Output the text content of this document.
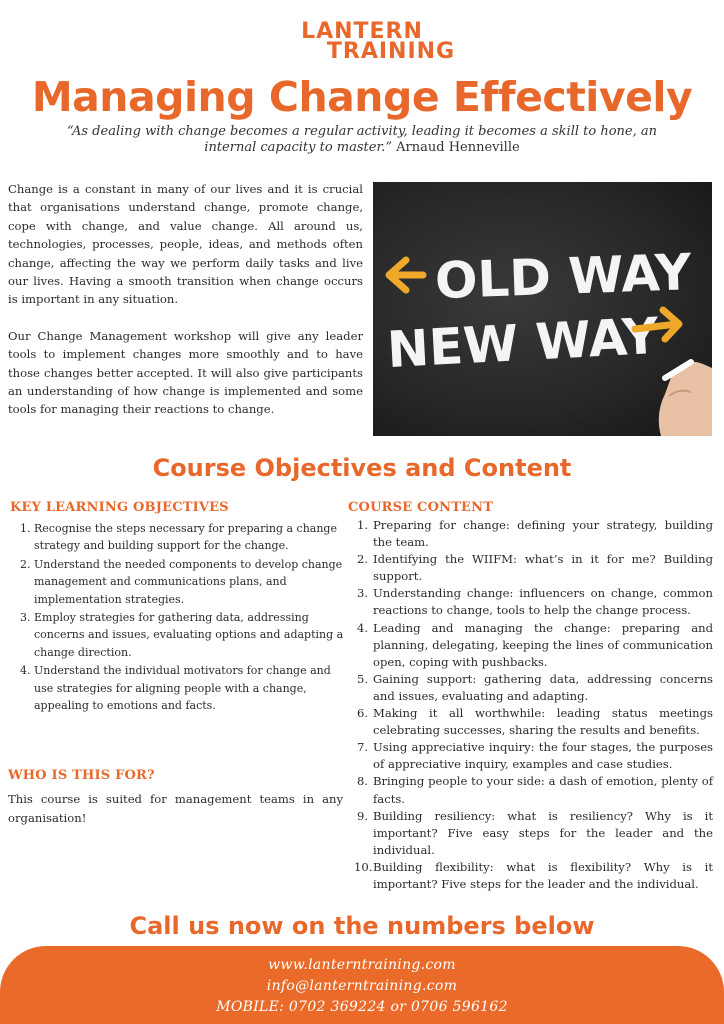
LANTERN
TRAINING
Managing Change Effectively
“As dealing with change becomes a regular activity, leading it becomes a skill to hone, an internal capacity to master.” Arnaud Henneville

Change is a constant in many of our lives and it is crucial that organisations understand change, promote change, cope with change, and value change. All around us, technologies, processes, people, ideas, and methods often change, affecting the way we perform daily tasks and live our lives. Having a smooth transition when change occurs is important in any situation.

Our Change Management workshop will give any leader tools to implement changes more smoothly and to have those changes better accepted. It will also give participants an understanding of how change is implemented and some tools for managing their reactions to change.

OLD WAY
NEW WAY
Course Objectives and Content
KEY LEARNING OBJECTIVES
1. Recognise the steps necessary for preparing a change strategy and building support for the change.
2. Understand the needed components to develop change management and communications plans, and implementation strategies.
3. Employ strategies for gathering data, addressing concerns and issues, evaluating options and adapting a change direction.
4. Understand the individual motivators for change and use strategies for aligning people with a change, appealing to emotions and facts.
WHO IS THIS FOR?

This course is suited for management teams in any organisation!

COURSE CONTENT
1. Preparing for change: defining your strategy, building the team.
2. Identifying the WIIFM: what’s in it for me? Building support.
3. Understanding change: influencers on change, common reactions to change, tools to help the change process.
4. Leading and managing the change: preparing and planning, delegating, keeping the lines of communication open, coping with pushbacks.
5. Gaining support: gathering data, addressing concerns and issues, evaluating and adapting.
6. Making it all worthwhile: leading status meetings celebrating successes, sharing the results and benefits.
7. Using appreciative inquiry: the four stages, the purposes of appreciative inquiry, examples and case studies.
8. Bringing people to your side: a dash of emotion, plenty of facts.
9. Building resiliency: what is resiliency? Why is it important? Five easy steps for the leader and the individual.
10. Building flexibility: what is flexibility? Why is it important? Five steps for the leader and the individual.
Call us now on the numbers below
www.lanterntraining.com
info@lanterntraining.com
MOBILE: 0702 369224 or 0706 596162
